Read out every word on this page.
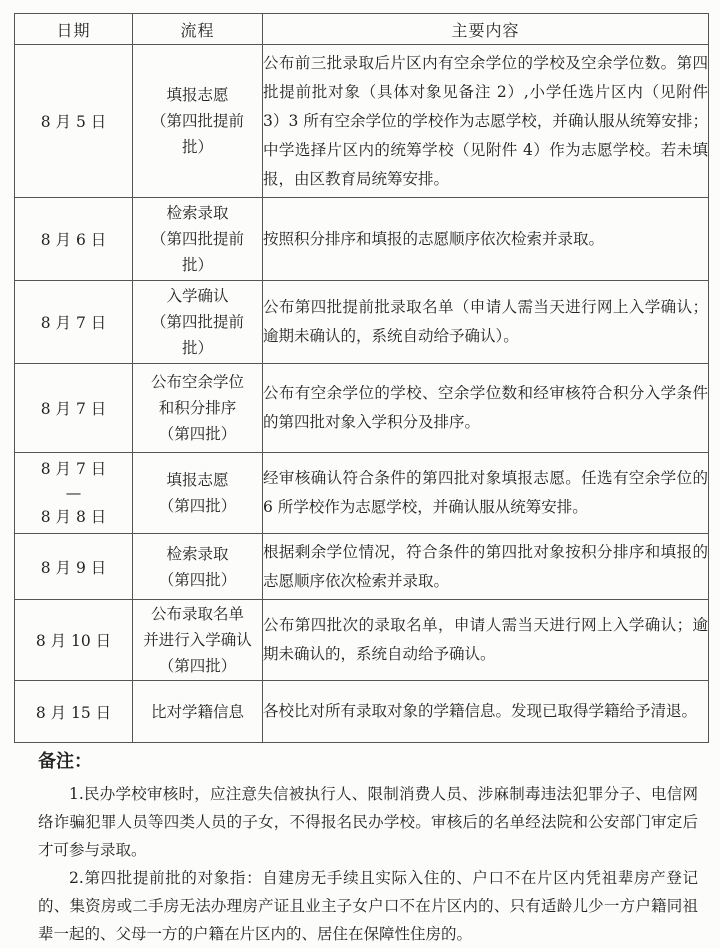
日期	流程	主要内容

8 月 5 日	填报志愿
（第四批提前
批）	公布前三批录取后片区内有空余学位的学校及空余学位数。第四批提前批对象（具体对象见备注 2）,小学任选片区内（见附件 3）3 所有空余学位的学校作为志愿学校，并确认服从统筹安排；中学选择片区内的统筹学校（见附件 4）作为志愿学校。若未填报，由区教育局统筹安排。

8 月 6 日	检索录取
（第四批提前
批）	按照积分排序和填报的志愿顺序依次检索并录取。

8 月 7 日	入学确认
（第四批提前
批）	公布第四批提前批录取名单（申请人需当天进行网上入学确认；逾期未确认的，系统自动给予确认）。

8 月 7 日	公布空余学位
和积分排序
（第四批）	公布有空余学位的学校、空余学位数和经审核符合积分入学条件的第四批对象入学积分及排序。

8 月 7 日
—
8 月 8 日	填报志愿
（第四批）	经审核确认符合条件的第四批对象填报志愿。任选有空余学位的 6 所学校作为志愿学校，并确认服从统筹安排。

8 月 9 日	检索录取
（第四批）	根据剩余学位情况，符合条件的第四批对象按积分排序和填报的志愿顺序依次检索并录取。

8 月 10 日	公布录取名单
并进行入学确认
（第四批）	公布第四批次的录取名单，申请人需当天进行网上入学确认；逾期未确认的，系统自动给予确认。

8 月 15 日	比对学籍信息	各校比对所有录取对象的学籍信息。发现已取得学籍给予清退。
备注：

1.民办学校审核时，应注意失信被执行人、限制消费人员、涉麻制毒违法犯罪分子、电信网络诈骗犯罪人员等四类人员的子女，不得报名民办学校。审核后的名单经法院和公安部门审定后才可参与录取。

2.第四批提前批的对象指：自建房无手续且实际入住的、户口不在片区内凭祖辈房产登记的、集资房或二手房无法办理房产证且业主子女户口不在片区内的、只有适龄儿少一方户籍同祖辈一起的、父母一方的户籍在片区内的、居住在保障性住房的。
